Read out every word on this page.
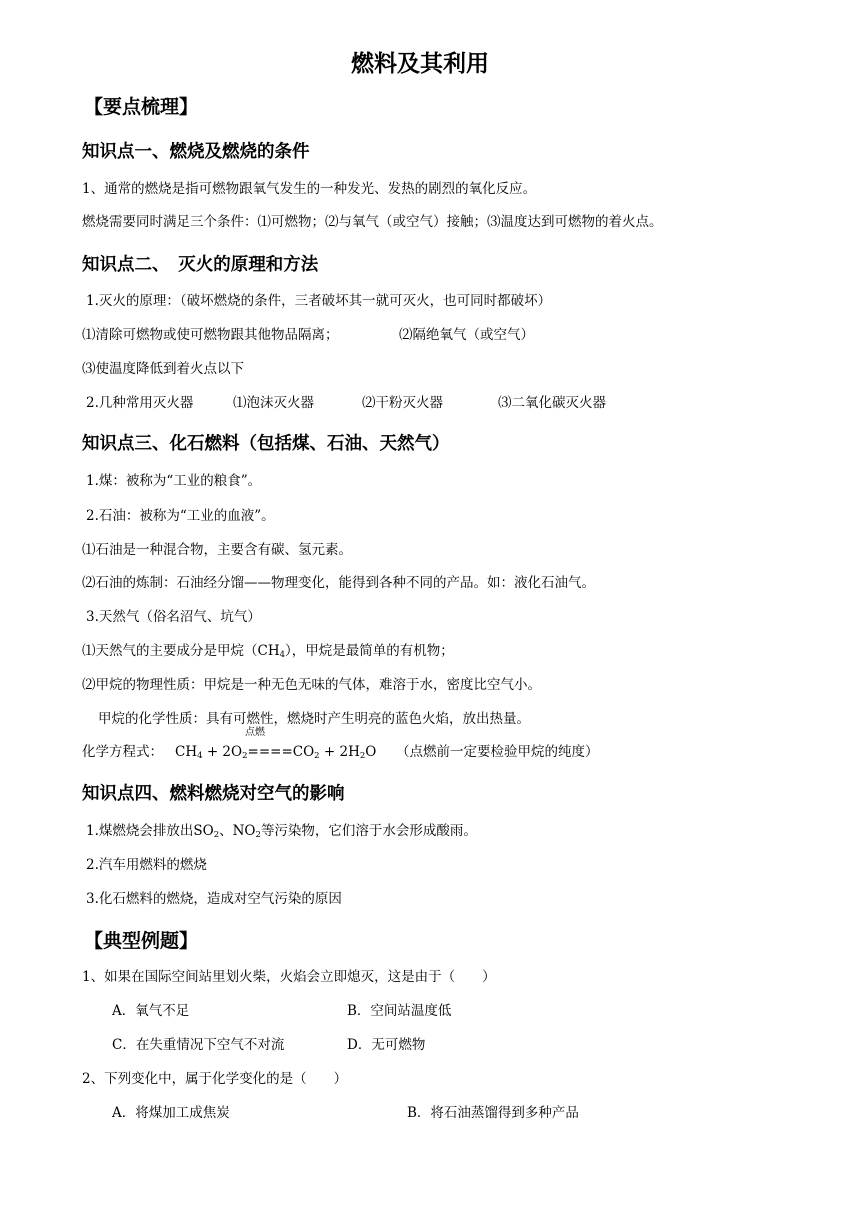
燃料及其利用
【要点梳理】
知识点一、燃烧及燃烧的条件
1、通常的燃烧是指可燃物跟氧气发生的一种发光、发热的剧烈的氧化反应。
燃烧需要同时满足三个条件：⑴可燃物；⑵与氧气（或空气）接触；⑶温度达到可燃物的着火点。
知识点二、　灭火的原理和方法
1.灭火的原理：（破坏燃烧的条件，三者破坏其一就可灭火，也可同时都破坏）
⑴清除可燃物或使可燃物跟其他物品隔离；	⑵隔绝氧气（或空气）
⑶使温度降低到着火点以下
2.几种常用灭火器	⑴泡沫灭火器	⑵干粉灭火器	⑶二氧化碳灭火器
知识点三、化石燃料（包括煤、石油、天然气）
1.煤：被称为“工业的粮食”。
2.石油：被称为“工业的血液”。
⑴石油是一种混合物，主要含有碳、氢元素。
⑵石油的炼制：石油经分馏——物理变化，能得到各种不同的产品。如：液化石油气。
3.天然气（俗名沼气、坑气）
⑴天然气的主要成分是甲烷$(CH_4)$，甲烷是最简单的有机物；
⑵甲烷的物理性质：甲烷是一种无色无味的气体，难溶于水，密度比空气小。
甲烷的化学性质：具有可燃性，燃烧时产生明亮的蓝色火焰，放出热量。
点燃
化学方程式： $CH_4 + 2O_2====CO_2 + 2H_2O$ （点燃前一定要检验甲烷的纯度）
知识点四、燃料燃烧对空气的影响
1.煤燃烧会排放出$SO_2$、$NO_2$等污染物，它们溶于水会形成酸雨。
2.汽车用燃料的燃烧
3.化石燃料的燃烧，造成对空气污染的原因
【典型例题】
1、如果在国际空间站里划火柴，火焰会立即熄灭，这是由于（　　）
A．氧气不足	B．空间站温度低
C．在失重情况下空气不对流	D．无可燃物
2、下列变化中，属于化学变化的是（　　）
A．将煤加工成焦炭	B．将石油蒸馏得到多种产品
